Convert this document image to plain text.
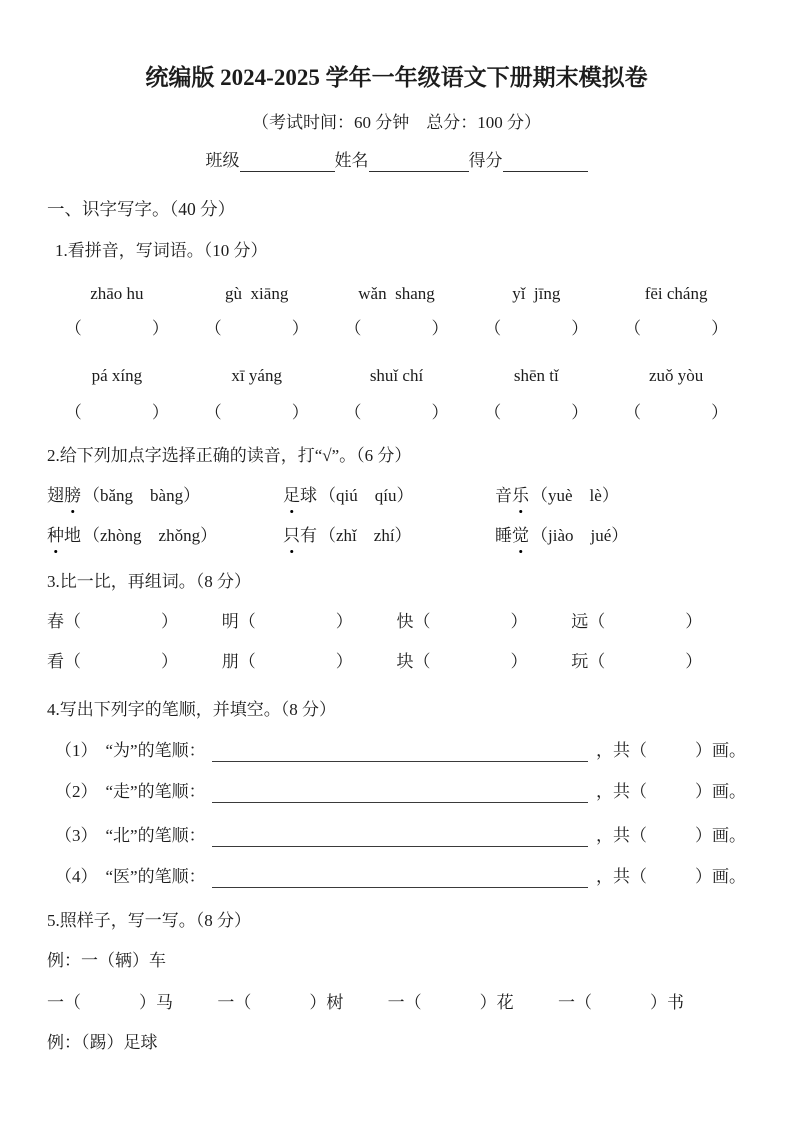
统编版 2024-2025 学年一年级语文下册期末模拟卷
（考试时间：60 分钟　总分：100 分）
班级	姓名	得分
一、识字写字。（40 分）
1.看拼音，写词语。（10 分）
zhāo hu	gù  xiāng	wǎn  shang	yǐ  jīng	fēi cháng
（	） （	） （	） （	） （	）
pá xíng	xī yáng	shuǐ chí	shēn tǐ	zuǒ yòu
（	） （	） （	） （	） （	）
2.给下列加点字选择正确的读音，打“√”。（6 分）
翅膀 （bǎng　bàng）	足球 （qiú　qíu）	音乐 （yuè　lè）
种地 （zhòng　zhǒng）	只有 （zhǐ　zhí）	睡觉 （jiào　jué）
3.比一比，再组词。（8 分）
春 （	）	明 （	）	快 （	）	远 （	）
看 （	）	朋 （	）	块 （	）	玩 （	）
4.写出下列字的笔顺，并填空。（8 分）
（1） “为”的笔顺：	，共（	）画。
（2） “走”的笔顺：	，共（	）画。
（3） “北”的笔顺：	，共（	）画。
（4） “医”的笔顺：	，共（	）画。
5.照样子，写一写。（8 分）
例：一（辆）车
一（	）马	一（	）树	一（	）花	一（	）书
例：（踢）足球
